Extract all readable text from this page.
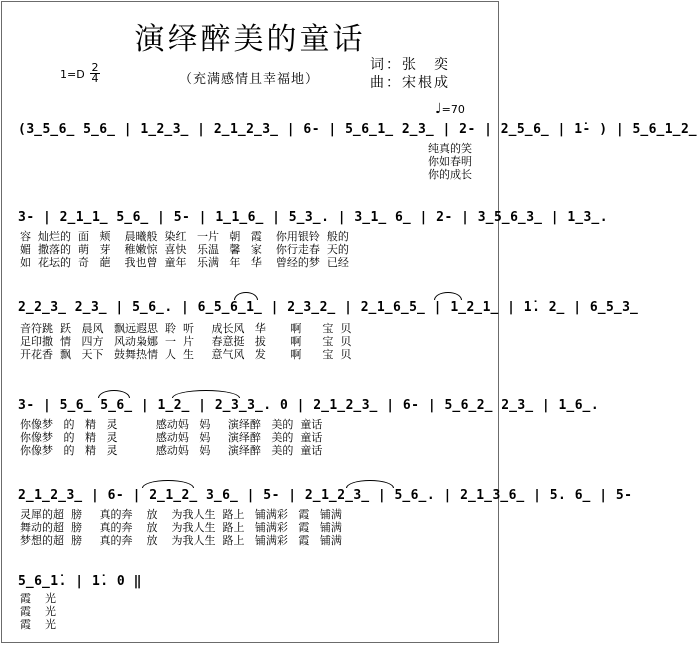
演绎醉美的童话
$1=D \frac{2}{4}$	（充满感情且幸福地）
词：张　奕
曲：宋根成
♩=70
(3̲5̲6̲ 5̲6̲ | 1̲2̲3̲ | 2̲1̲2̲3̲ | 6- | 5̲6̲1̲ 2̲3̲ | 2- | 2̲5̲6̲ | 1̇- ) | 5̲6̲1̲2̲
纯真的笑
你如春明
你的成长
3- | 2̲1̲1̲ 5̲6̲ | 5- | 1̲1̲6̲ | 5̲3̲. | 3̲1̲ 6̲ | 2- | 3̲5̲6̲3̲ | 1̲3̲.
容  灿烂的  面   颊    晨曦般  染红   一片   朝   霞    你用银铃  般的
媚  撒落的  萌   芽    稚嫩惊  喜快   乐温   馨   家    你行走春  天的
如  花坛的  奇   葩    我也曾  童年   乐满   年   华    曾经的梦  已经
2̲2̲3̲ 2̲3̲ | 5̲6̲. | 6̲5̲6̲1̲ | 2̲3̲2̲ | 2̲1̲6̲5̲ | 1̲2̲1̲ | 1̇. 2̲ | 6̲5̲3̲
音符跳  跃   晨风   飘远遐思  聆  听     成长风   华       啊      宝  贝
足印撒  情   四方   风动枭娜  一  片     春意挺   拔       啊      宝  贝
开花香  飘   天下   鼓舞热情  人  生     意气风   发       啊      宝  贝
3- | 5̲6̲ 5̲6̲ | 1̲2̲ | 2̲3̲3̲. 0 | 2̲1̲2̲3̲ | 6- | 5̲6̲2̲ 2̲3̲ | 1̲6̲.
你像梦   的   精   灵           感动妈   妈     演绎醉   美的  童话
你像梦   的   精   灵           感动妈   妈     演绎醉   美的  童话
你像梦   的   精   灵           感动妈   妈     演绎醉   美的  童话
2̲1̲2̲3̲ | 6- | 2̲1̲2̲ 3̲6̲ | 5- | 2̲1̲2̲3̲ | 5̲6̲. | 2̲1̲3̲6̲ | 5. 6̲ | 5-
灵犀的超  膀     真的奔    放    为我人生  路上   铺满彩   霞   铺满
舞动的超  膀     真的奔    放    为我人生  路上   铺满彩   霞   铺满
梦想的超  膀     真的奔    放    为我人生  路上   铺满彩   霞   铺满
5̲6̲1̇. | 1̇. 0 ‖
霞    光
霞    光
霞    光
